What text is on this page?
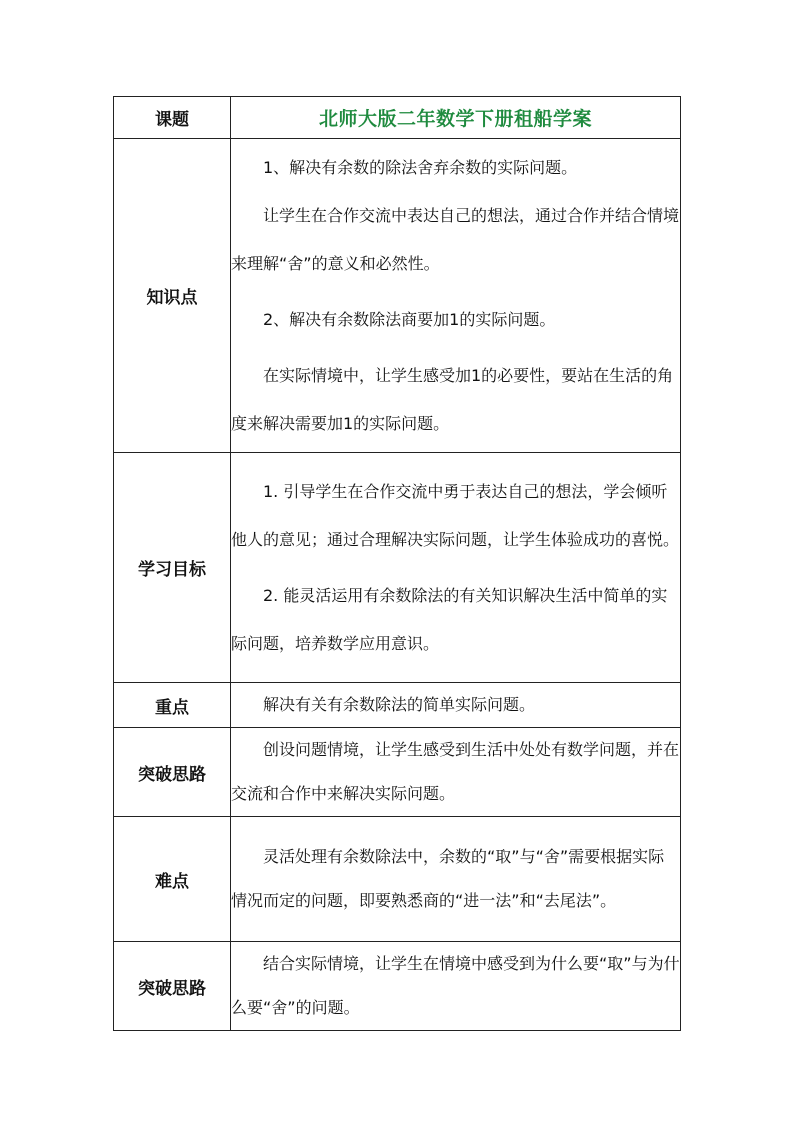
课题	北师大版二年数学下册租船学案

知识点	1、解决有余数的除法舍弃余数的实际问题。

让学生在合作交流中表达自己的想法，通过合作并结合情境来理解“舍”的意义和必然性。

2、解决有余数除法商要加1的实际问题。

在实际情境中，让学生感受加1的必要性，要站在生活的角度来解决需要加1的实际问题。

学习目标	1. 引导学生在合作交流中勇于表达自己的想法，学会倾听他人的意见；通过合理解决实际问题，让学生体验成功的喜悦。

2. 能灵活运用有余数除法的有关知识解决生活中简单的实际问题，培养数学应用意识。

重点	解决有关有余数除法的简单实际问题。

突破思路	创设问题情境，让学生感受到生活中处处有数学问题，并在交流和合作中来解决实际问题。

难点	灵活处理有余数除法中，余数的“取”与“舍”需要根据实际情况而定的问题，即要熟悉商的“进一法”和“去尾法”。

突破思路	结合实际情境，让学生在情境中感受到为什么要“取”与为什么要“舍”的问题。
